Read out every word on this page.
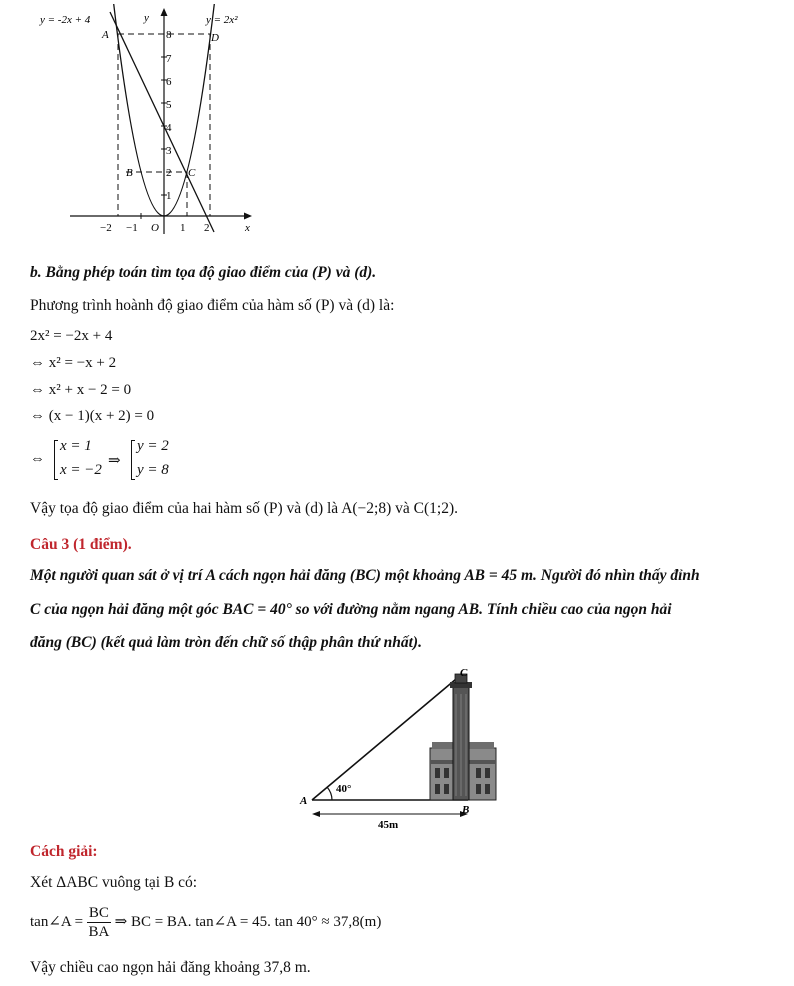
y = -2x + 4	y = 2x²
y
x
O
8
7
6
5
4
3
2
1
−2 −1	1 2
A	D
B	C
b. Bằng phép toán tìm tọa độ giao điểm của (P) và (d).
Phương trình hoành độ giao điểm của hàm số (P) và (d) là:
2x² = −2x + 4
⇔ x² = −x + 2
⇔ x² + x − 2 = 0
⇔ (x − 1)(x + 2) = 0
⇔
x = 1
x = −2
⇒
y = 2
y = 8
Vậy tọa độ giao điểm của hai hàm số (P) và (d) là A(−2;8) và C(1;2).
Câu 3 (1 điểm).
Một người quan sát ở vị trí A cách ngọn hải đăng (BC) một khoảng AB = 45 m. Người đó nhìn thấy đỉnh
C của ngọn hải đăng một góc BAC = 40° so với đường nằm ngang AB. Tính chiều cao của ngọn hải
đăng (BC) (kết quả làm tròn đến chữ số thập phân thứ nhất).
A
B
C
40°
45m
Cách giải:
Xét ΔABC vuông tại B có:
tan∠A = $\frac{BC}{BA}$ ⇒ BC = BA. tan∠A = 45. tan 40° ≈ 37,8(m)
Vậy chiều cao ngọn hải đăng khoảng 37,8 m.
